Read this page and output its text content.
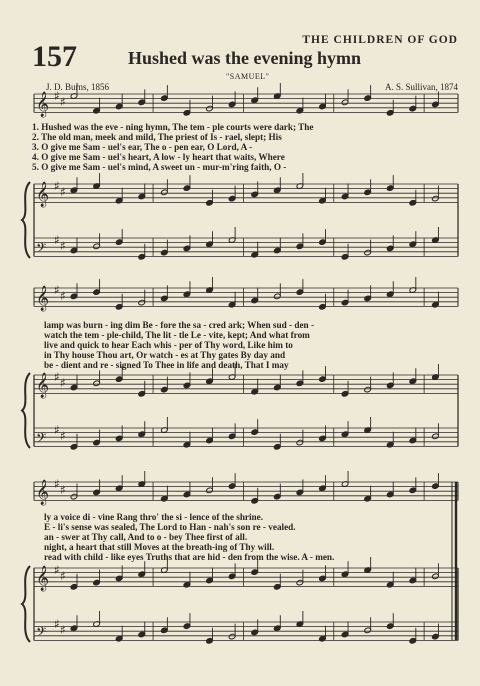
THE CHILDREN OF GOD
157	Hushed was the evening hymn
"SAMUEL"
J. D. Burns, 1856	A. S. Sullivan, 1874
𝄞
𝄞
𝄢
♯ ♯
♯ ♯
♯ ♯
𝄞
𝄞
𝄢
♯ ♯
♯ ♯
♯ ♯
𝄞
𝄞
𝄢
♯ ♯
♯ ♯
♯ ♯
1. Hushed was the eve - ning hymn, The tem - ple courts were dark; The
2. The old man, meek and mild, The priest of Is - rael, slept; His
3. O give me Sam - uel's ear, The o - pen ear, O Lord, A -
4. O give me Sam - uel's heart, A low - ly heart that waits, Where
5. O give me Sam - uel's mind, A sweet un - mur-m'ring faith, O -
lamp was burn - ing dim Be - fore the sa - cred ark; When sud - den -
watch the tem - ple-child, The lit - tle Le - vite, kept; And what from
live and quick to hear Each whis - per of Thy word, Like him to
in Thy house Thou art, Or watch - es at Thy gates By day and
be - dient and re - signed To Thee in life and death, That I may
ly a voice di - vine Rang thro' the si - lence of the shrine.
E - li's sense was sealed, The Lord to Han - nah's son re - vealed.
an - swer at Thy call, And to o - bey Thee first of all.
night, a heart that still Moves at the breath-ing of Thy will.
read with child - like eyes Truths that are hid - den from the wise. A - men.
